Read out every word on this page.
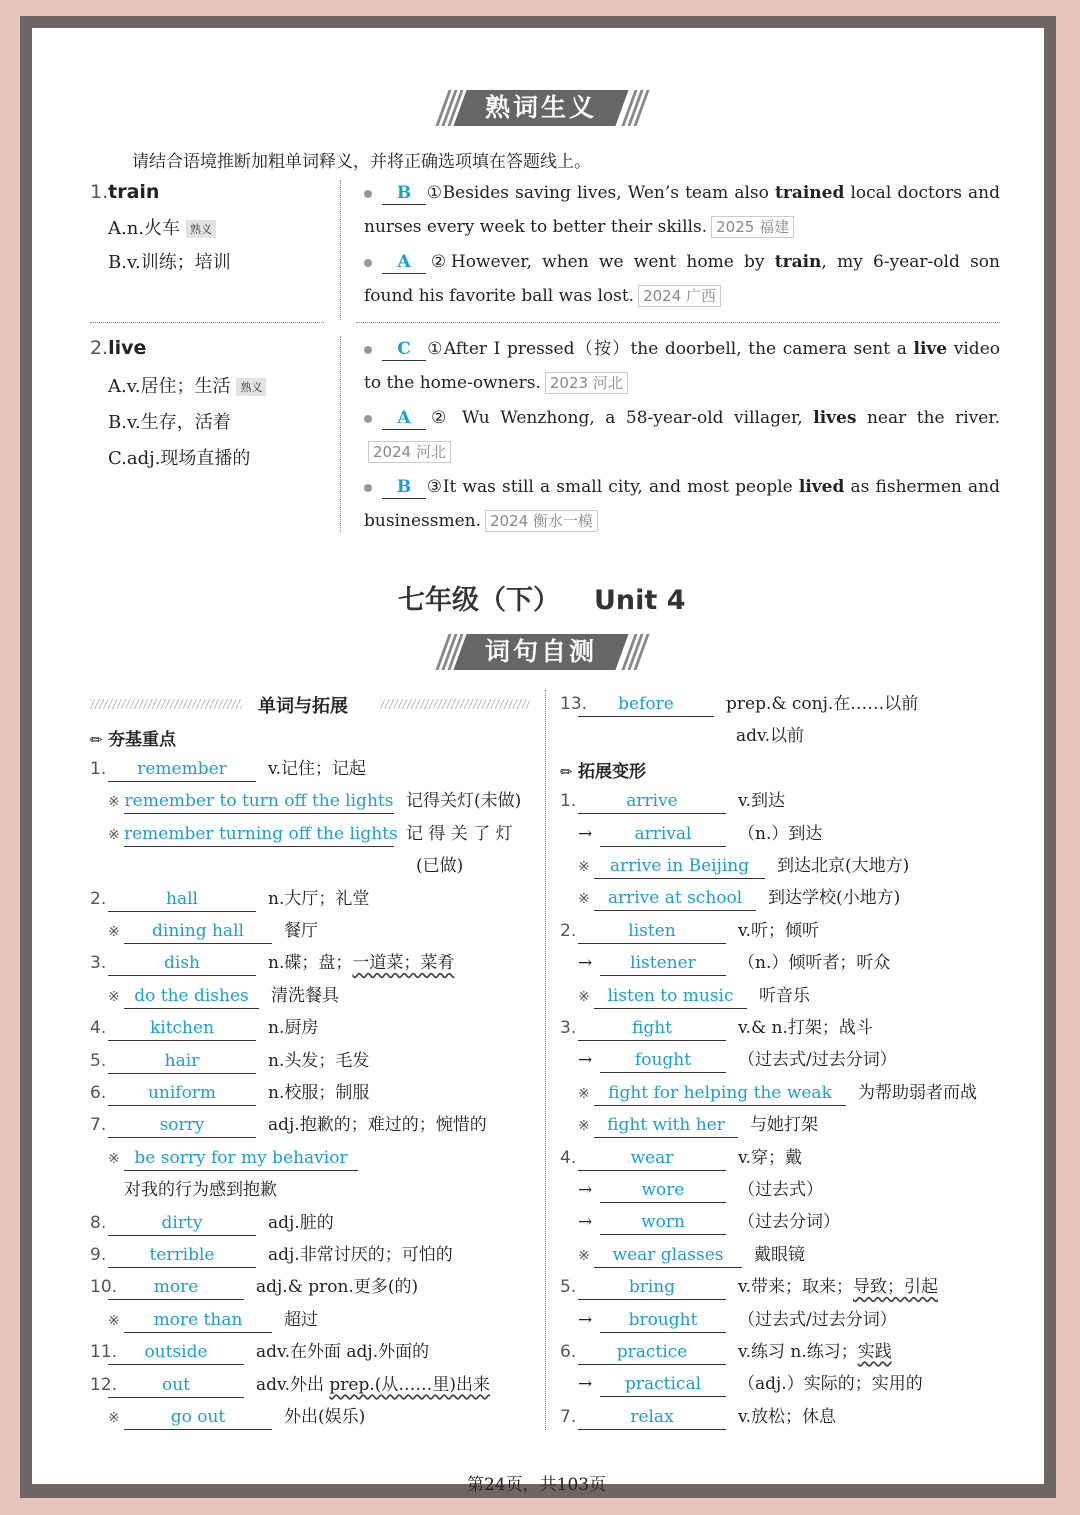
熟词生义
请结合语境推断加粗单词释义，并将正确选项填在答题线上。
1.train
A.n.火车 熟义
B.v.训练；培训
B ①Besides saving lives, Wen’s team also trained local doctors and nurses every week to better their skills. 2025 福建
A ②However, when we went home by train, my 6-year-old son found his favorite ball was lost. 2024 广西
2.live
A.v.居住；生活 熟义
B.v.生存，活着
C.adj.现场直播的
C ①After I pressed（按）the doorbell, the camera sent a live video to the home-owners. 2023 河北
A ② Wu Wenzhong, a 58-year-old villager, lives near the river.2024 河北
B ③It was still a small city, and most people lived as fishermen and businessmen. 2024 衡水一模
七年级（下） Unit 4
词句自测
单词与拓展
✏ 夯基重点
1. remember v.记住；记起
※ remember to turn off the lights 记得关灯(未做)
※ remember turning off the lights 记 得 关 了 灯
(已做)
2.	hall	n.大厅；礼堂
※ dining hall 餐厅
3.	dish	n.碟；盘；一道菜；菜肴
※ do the dishes 清洗餐具
4.	kitchen	n.厨房
5.	hair	n.头发；毛发
6. uniform	n.校服；制服
7.	sorry	adj.抱歉的；难过的；惋惜的
※ be sorry for my behavior
对我的行为感到抱歉
8.	dirty	adj.脏的
9.	terrible	adj.非常讨厌的；可怕的
10. more	adj.& pron.更多(的)
※ more than 超过
11. outside	adv.在外面 adj.外面的
12.	out	adv.外出 prep.(从……里)出来
※	go out	外出(娱乐)
13. before	prep.& conj.在……以前
adv.以前
1.	arrive	v.到达
→ arrival	（n.）到达
※ arrive in Beijing 到达北京(大地方)
※ arrive at school 到达学校(小地方)
2.	listen	v.听；倾听
→ listener （n.）倾听者；听众
※ listen to music 听音乐
3.	fight	v.& n.打架；战斗
→	fought	（过去式/过去分词）
※ fight for helping the weak 为帮助弱者而战
※ fight with her 与她打架
4.	wear	v.穿；戴
→	wore	（过去式）
→	worn	（过去分词）
※ wear glasses 戴眼镜
5.	bring	v.带来；取来；导致；引起
→ brought （过去式/过去分词）
6. practice	v.练习 n.练习；实践
→ practical （adj.）实际的；实用的
7.	relax	v.放松；休息
第24页，共103页
✏ 拓展变形
